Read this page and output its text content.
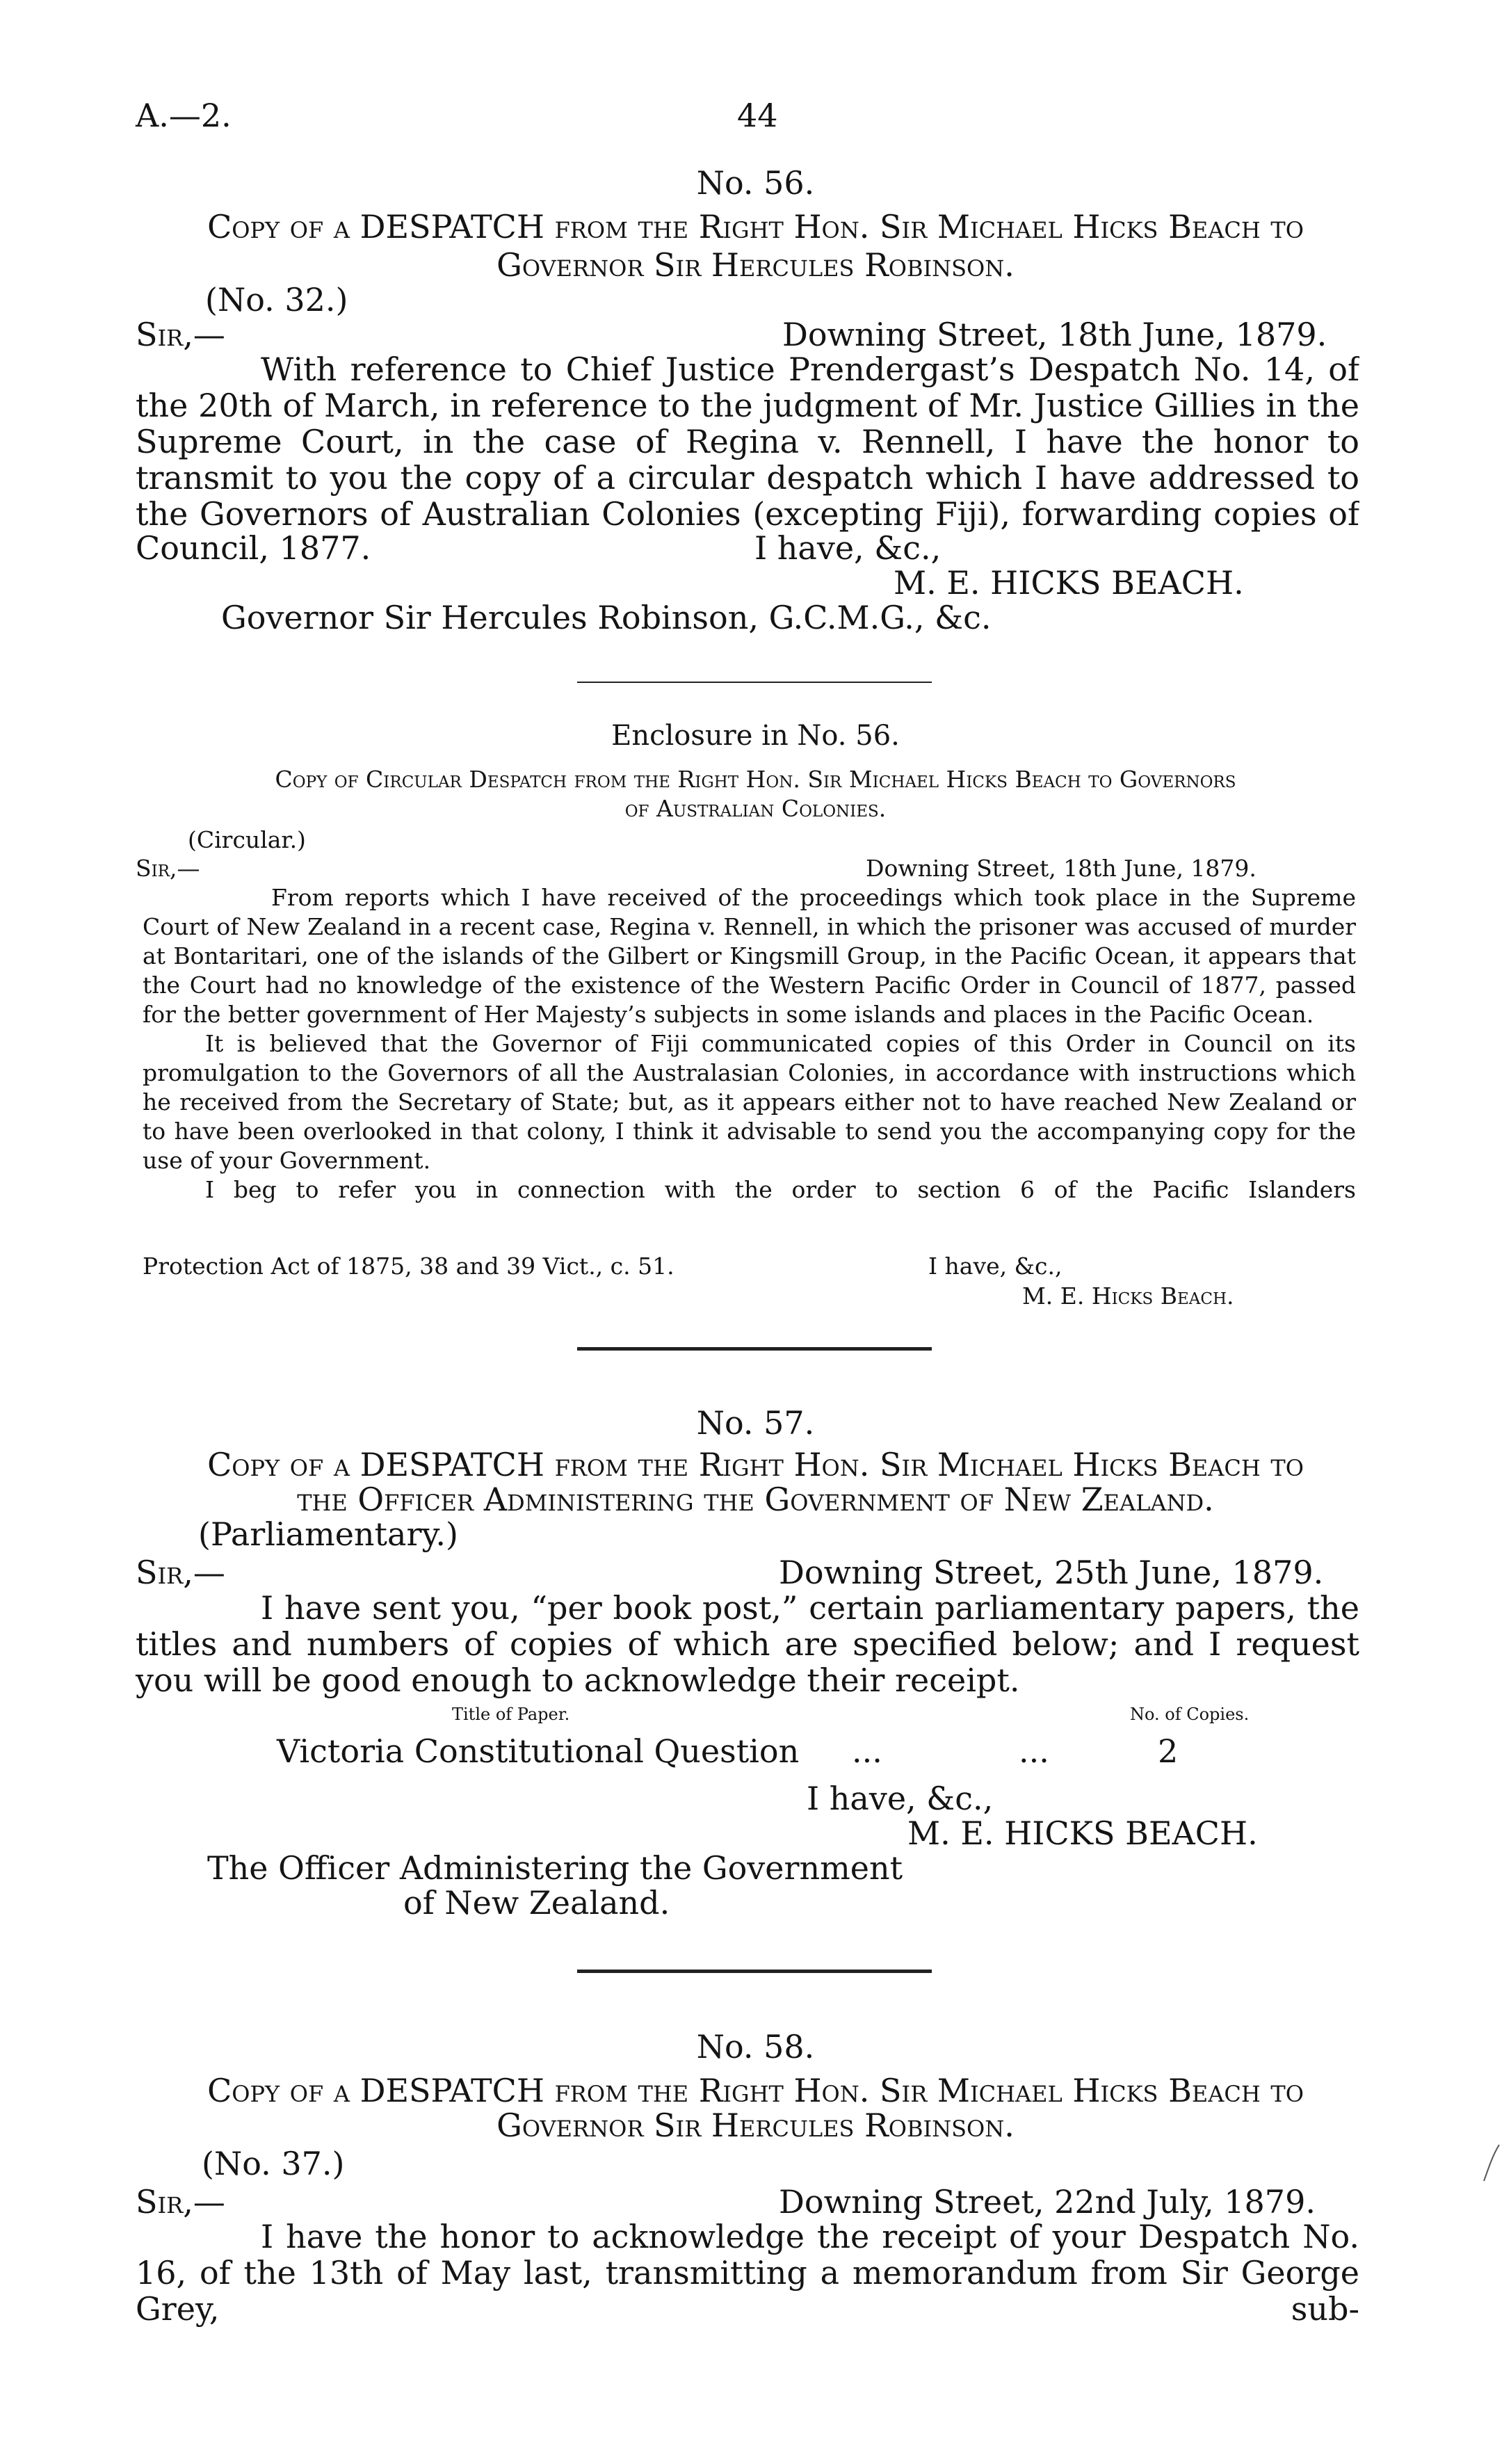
A.—2.	44
No. 56.
Copy of a DESPATCH from the Right Hon. Sir Michael Hicks Beach to
Governor Sir Hercules Robinson.
(No. 32.)
Sir,—	Downing Street, 18th June, 1879.

With reference to Chief Justice Prendergast’s Despatch No. 14, of the 20th of March, in reference to the judgment of Mr. Justice Gillies in the Supreme Court, in the case of Regina v. Rennell, I have the honor to transmit to you the copy of a circular despatch which I have addressed to the Governors of Australian Colonies (excepting Fiji), forwarding copies of

Council, 1877.	I have, &c.,
M. E. HICKS BEACH.
Governor Sir Hercules Robinson, G.C.M.G., &c.
Enclosure in No. 56.
Copy of Circular Despatch from the Right Hon. Sir Michael Hicks Beach to Governors
of Australian Colonies.
(Circular.)
Sir,—	Downing Street, 18th June, 1879.

From reports which I have received of the proceedings which took place in the Supreme Court of New Zealand in a recent case, Regina v. Rennell, in which the prisoner was accused of murder at Bontaritari, one of the islands of the Gilbert or Kingsmill Group, in the Pacific Ocean, it appears that the Court had no knowledge of the existence of the Western Pacific Order in Council of 1877, passed for the better government of Her Majesty’s subjects in some islands and places in the Pacific Ocean.

It is believed that the Governor of Fiji communicated copies of this Order in Council on its promulgation to the Governors of all the Australasian Colonies, in accordance with instructions which he received from the Secretary of State; but, as it appears either not to have reached New Zealand or to have been overlooked in that colony, I think it advisable to send you the accompanying copy for the use of your Government.

I beg to refer you in connection with the order to section 6 of the Pacific Islanders

Protection Act of 1875, 38 and 39 Vict., c. 51.	I have, &c.,
M. E. Hicks Beach.
No. 57.
Copy of a DESPATCH from the Right Hon. Sir Michael Hicks Beach to
the Officer Administering the Government of New Zealand.
(Parliamentary.)
Sir,—	Downing Street, 25th June, 1879.

I have sent you, “per book post,” certain parliamentary papers, the titles and numbers of copies of which are specified below; and I request you will be good enough to acknowledge their receipt.

Title of Paper.	No. of Copies.
Victoria Constitutional Question ...	...	2
I have, &c.,
M. E. HICKS BEACH.
The Officer Administering the Government
of New Zealand.
No. 58.
Copy of a DESPATCH from the Right Hon. Sir Michael Hicks Beach to
Governor Sir Hercules Robinson.
(No. 37.)
Sir,—	Downing Street, 22nd July, 1879.

I have the honor to acknowledge the receipt of your Despatch No. 16, of the 13th of May last, transmitting a memorandum from Sir George Grey, sub-
